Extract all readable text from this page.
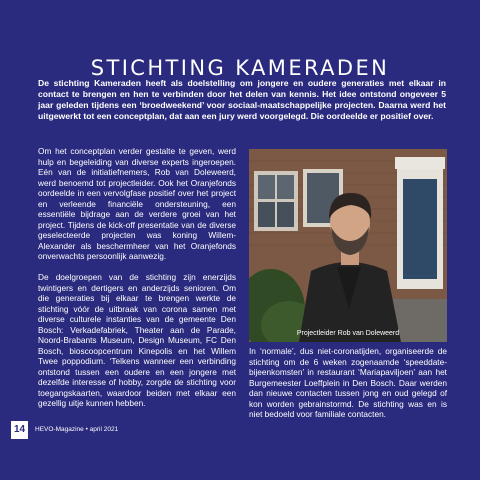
STICHTING KAMERADEN
De stichting Kameraden heeft als doelstelling om jongere en oudere generaties met elkaar in contact te brengen en hen te verbinden door het delen van kennis. Het idee ontstond ongeveer 5 jaar geleden tijdens een ‘broedweekend’ voor sociaal-maatschappelijke projecten. Daarna werd het uitgewerkt tot een conceptplan, dat aan een jury werd voorgelegd. Die oordeelde er positief over.

Om het conceptplan verder gestalte te geven, werd hulp en begeleiding van diverse experts ingeroepen. Eén van de initiatiefnemers, Rob van Doleweerd, werd benoemd tot projectleider. Ook het Oranjefonds oordeelde in een vervolgfase positief over het project en verleende financiële ondersteuning, een essentiële bijdrage aan de verdere groei van het project. Tijdens de kick-off presentatie van de diverse geselecteerde projecten was koning Willem-Alexander als beschermheer van het Oranjefonds onverwachts persoonlijk aanwezig.

De doelgroepen van de stichting zijn enerzijds twintigers en dertigers en anderzijds senioren. Om die generaties bij elkaar te brengen werkte de stichting vóór de uitbraak van corona samen met diverse culturele instanties van de gemeente Den Bosch: Verkadefabriek, Theater aan de Parade, Noord-Brabants Museum, Design Museum, FC Den Bosch, bioscoopcentrum Kinepolis en het Willem Twee poppodium. ‘Telkens wanneer een verbinding ontstond tussen een oudere en een jongere met dezelfde interesse of hobby, zorgde de stichting voor toegangskaarten, waardoor beiden met elkaar een gezellig uitje kunnen hebben.

Projectleider Rob van Doleweerd

In ‘normale’, dus niet-coronatijden, organiseerde de stichting om de 6 weken zogenaamde ‘speeddate-bijeenkomsten’ in restaurant ‘Mariapaviljoen’ aan het Burgemeester Loeffplein in Den Bosch. Daar werden dan nieuwe contacten tussen jong en oud gelegd of kon worden gebrainstormd. De stichting was en is niet bedoeld voor familiale contacten.

14	HEVO-Magazine • april 2021
